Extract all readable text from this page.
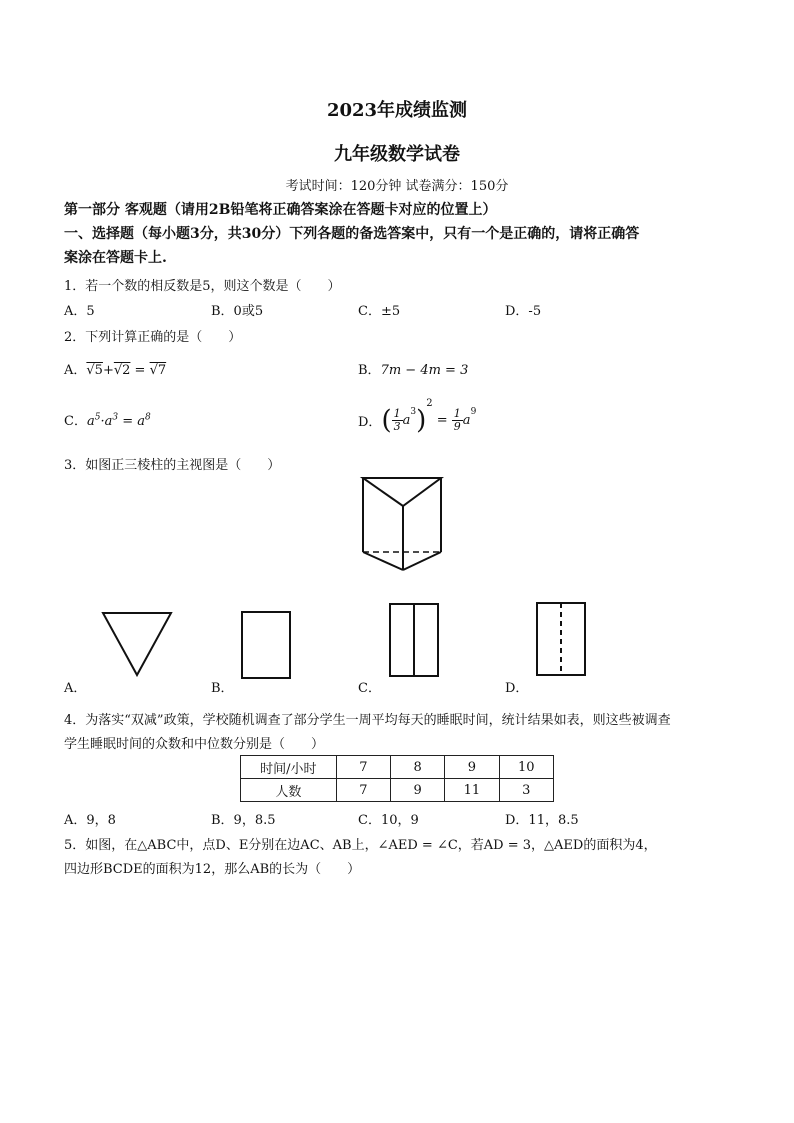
2023年成绩监测
九年级数学试卷
考试时间：120分钟 试卷满分：150分
第一部分 客观题（请用2B铅笔将正确答案涂在答题卡对应的位置上）
一、选择题（每小题3分，共30分）下列各题的备选答案中，只有一个是正确的，请将正确答
案涂在答题卡上.
1．若一个数的相反数是5，则这个数是（　　）
A．5	B．0或5	C．±5	D．-5
2．下列计算正确的是（　　）
A．√5+√2 = √7	B．7m − 4m = 3
C．$a^5\cdot a^3 = a^8$	D．( $\frac{1}{3} a^3)^2 = \frac{1}{9} a^9$
3．如图正三棱柱的主视图是（　　）
A．	B．	C．	D．
4．为落实“双减”政策，学校随机调查了部分学生一周平均每天的睡眠时间，统计结果如表，则这些被调查
学生睡眠时间的众数和中位数分别是（　　）
时间/小时	7	8	9	10
人数	7	9	11	3
A．9，8	B．9，8.5	C．10，9	D．11，8.5
5．如图，在△ABC中，点D、E分别在边AC、AB上，∠AED = ∠C，若AD = 3，△AED的面积为4，
四边形BCDE的面积为12，那么AB的长为（　　）
